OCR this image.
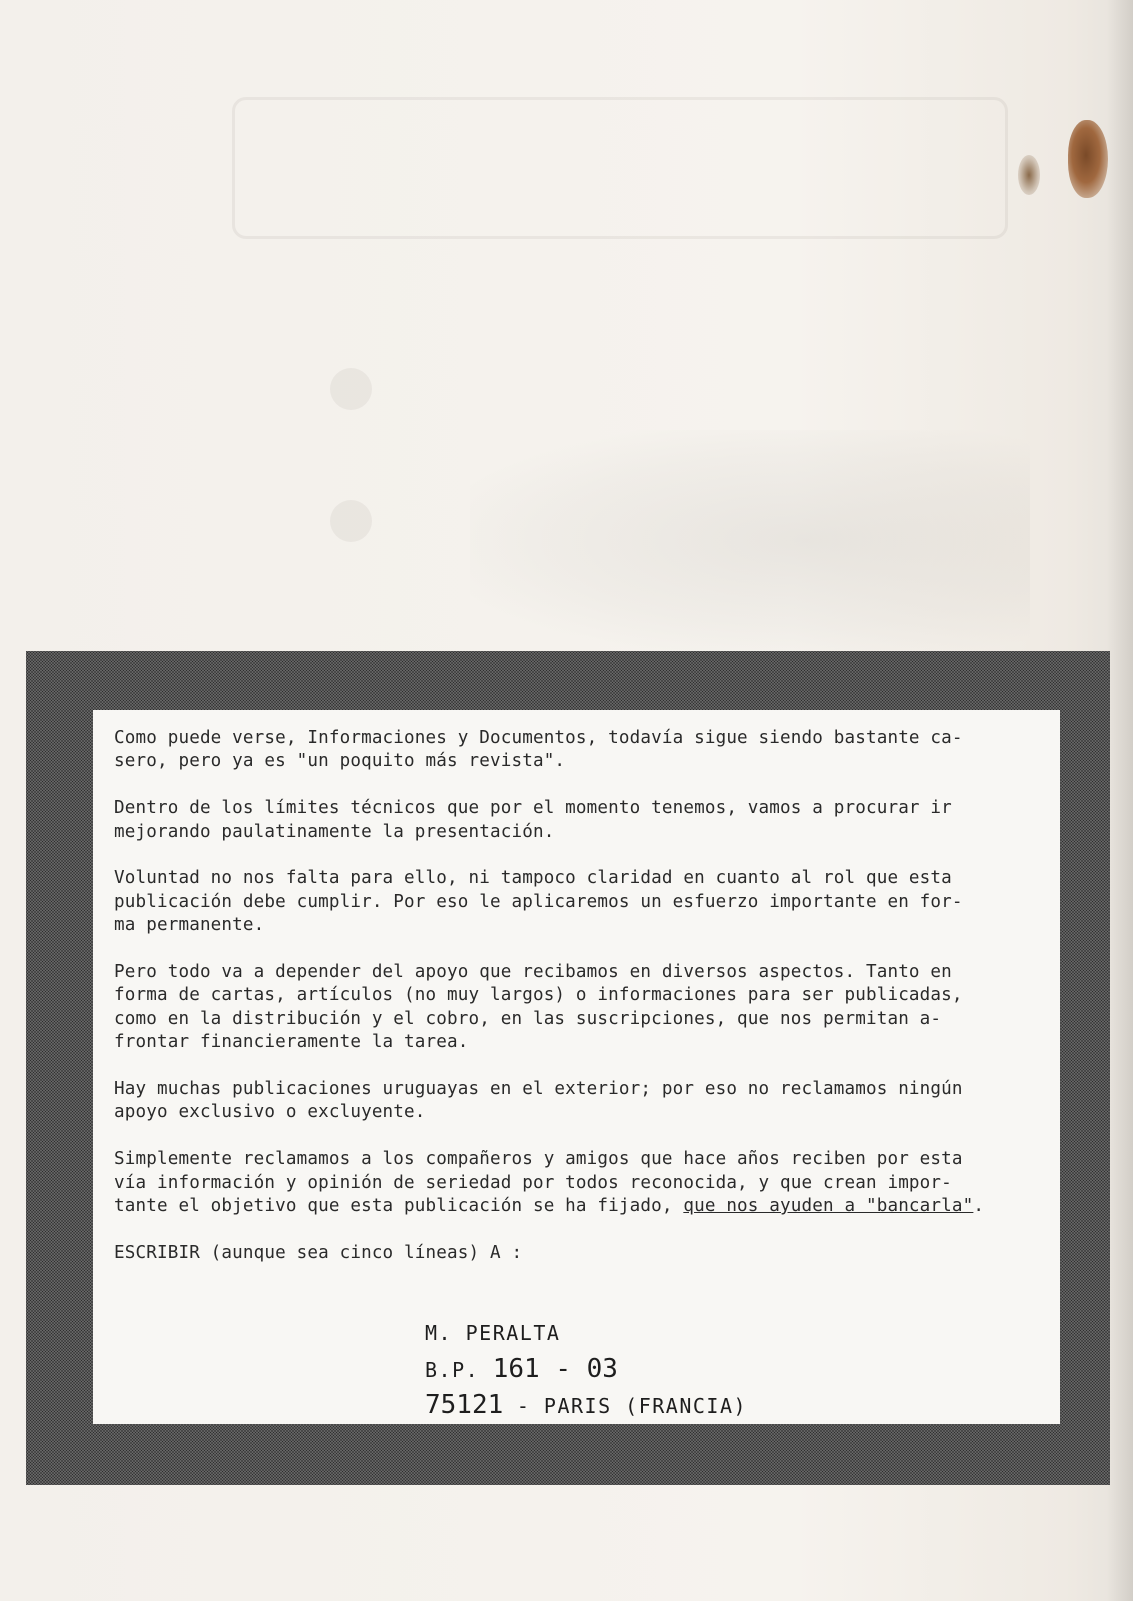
Como puede verse, Informaciones y Documentos, todavía sigue siendo bastante ca-
sero, pero ya es "un poquito más revista".

Dentro de los límites técnicos que por el momento tenemos, vamos a procurar ir
mejorando paulatinamente la presentación.

Voluntad no nos falta para ello, ni tampoco claridad en cuanto al rol que esta
publicación debe cumplir. Por eso le aplicaremos un esfuerzo importante en for-
ma permanente.

Pero todo va a depender del apoyo que recibamos en diversos aspectos. Tanto en
forma de cartas, artículos (no muy largos) o informaciones para ser publicadas,
como en la distribución y el cobro, en las suscripciones, que nos permitan a-
frontar financieramente la tarea.

Hay muchas publicaciones uruguayas en el exterior; por eso no reclamamos ningún
apoyo exclusivo o excluyente.

Simplemente reclamamos a los compañeros y amigos que hace años reciben por esta
vía información y opinión de seriedad por todos reconocida, y que crean impor-
tante el objetivo que esta publicación se ha fijado, que nos ayuden a "bancarla".

ESCRIBIR (aunque sea cinco líneas) A :

M. PERALTA
B.P. 161 - 03
75121 - PARIS (FRANCIA)
